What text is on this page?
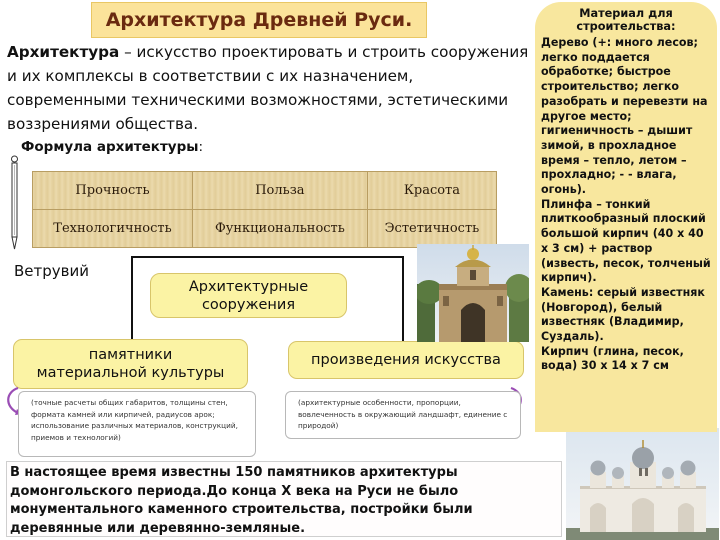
Архитектура Древней Руси.
Архитектура – искусство проектировать и строить сооружения и их комплексы в соответствии с их назначением, современными техническими возможностями, эстетическими воззрениями общества.
Формула архитектуры:
Прочность	Польза	Красота
Технологичность	Функциональность	Эстетичность
Ветрувий
Архитектурные
сооружения
памятники
материальной культуры
произведения искусства
(точные расчеты общих габаритов, толщины стен, формата камней или кирпичей, радиусов арок; использование различных материалов, конструкций, приемов и технологий)
(архитектурные особенности, пропорции, вовлеченность в окружающий ландшафт, единение с природой)
В настоящее время известны 150 памятников архитектуры домонгольского периода.До конца X века на Руси не было монументального каменного строительства, постройки были деревянные или деревянно-земляные.
Материал для
строительства:
Дерево (+: много лесов; легко поддается обработке; быстрое строительство; легко разобрать и перевезти на другое место; гигиеничность – дышит зимой, в прохладное время – тепло, летом – прохладно; - - влага, огонь).
Плинфа – тонкий плиткообразный плоский большой кирпич (40 х 40 х 3 см) + раствор (известь, песок, толченый кирпич).
Камень: серый известняк (Новгород), белый известняк (Владимир, Суздаль).
Кирпич (глина, песок, вода) 30 х 14 х 7 см
